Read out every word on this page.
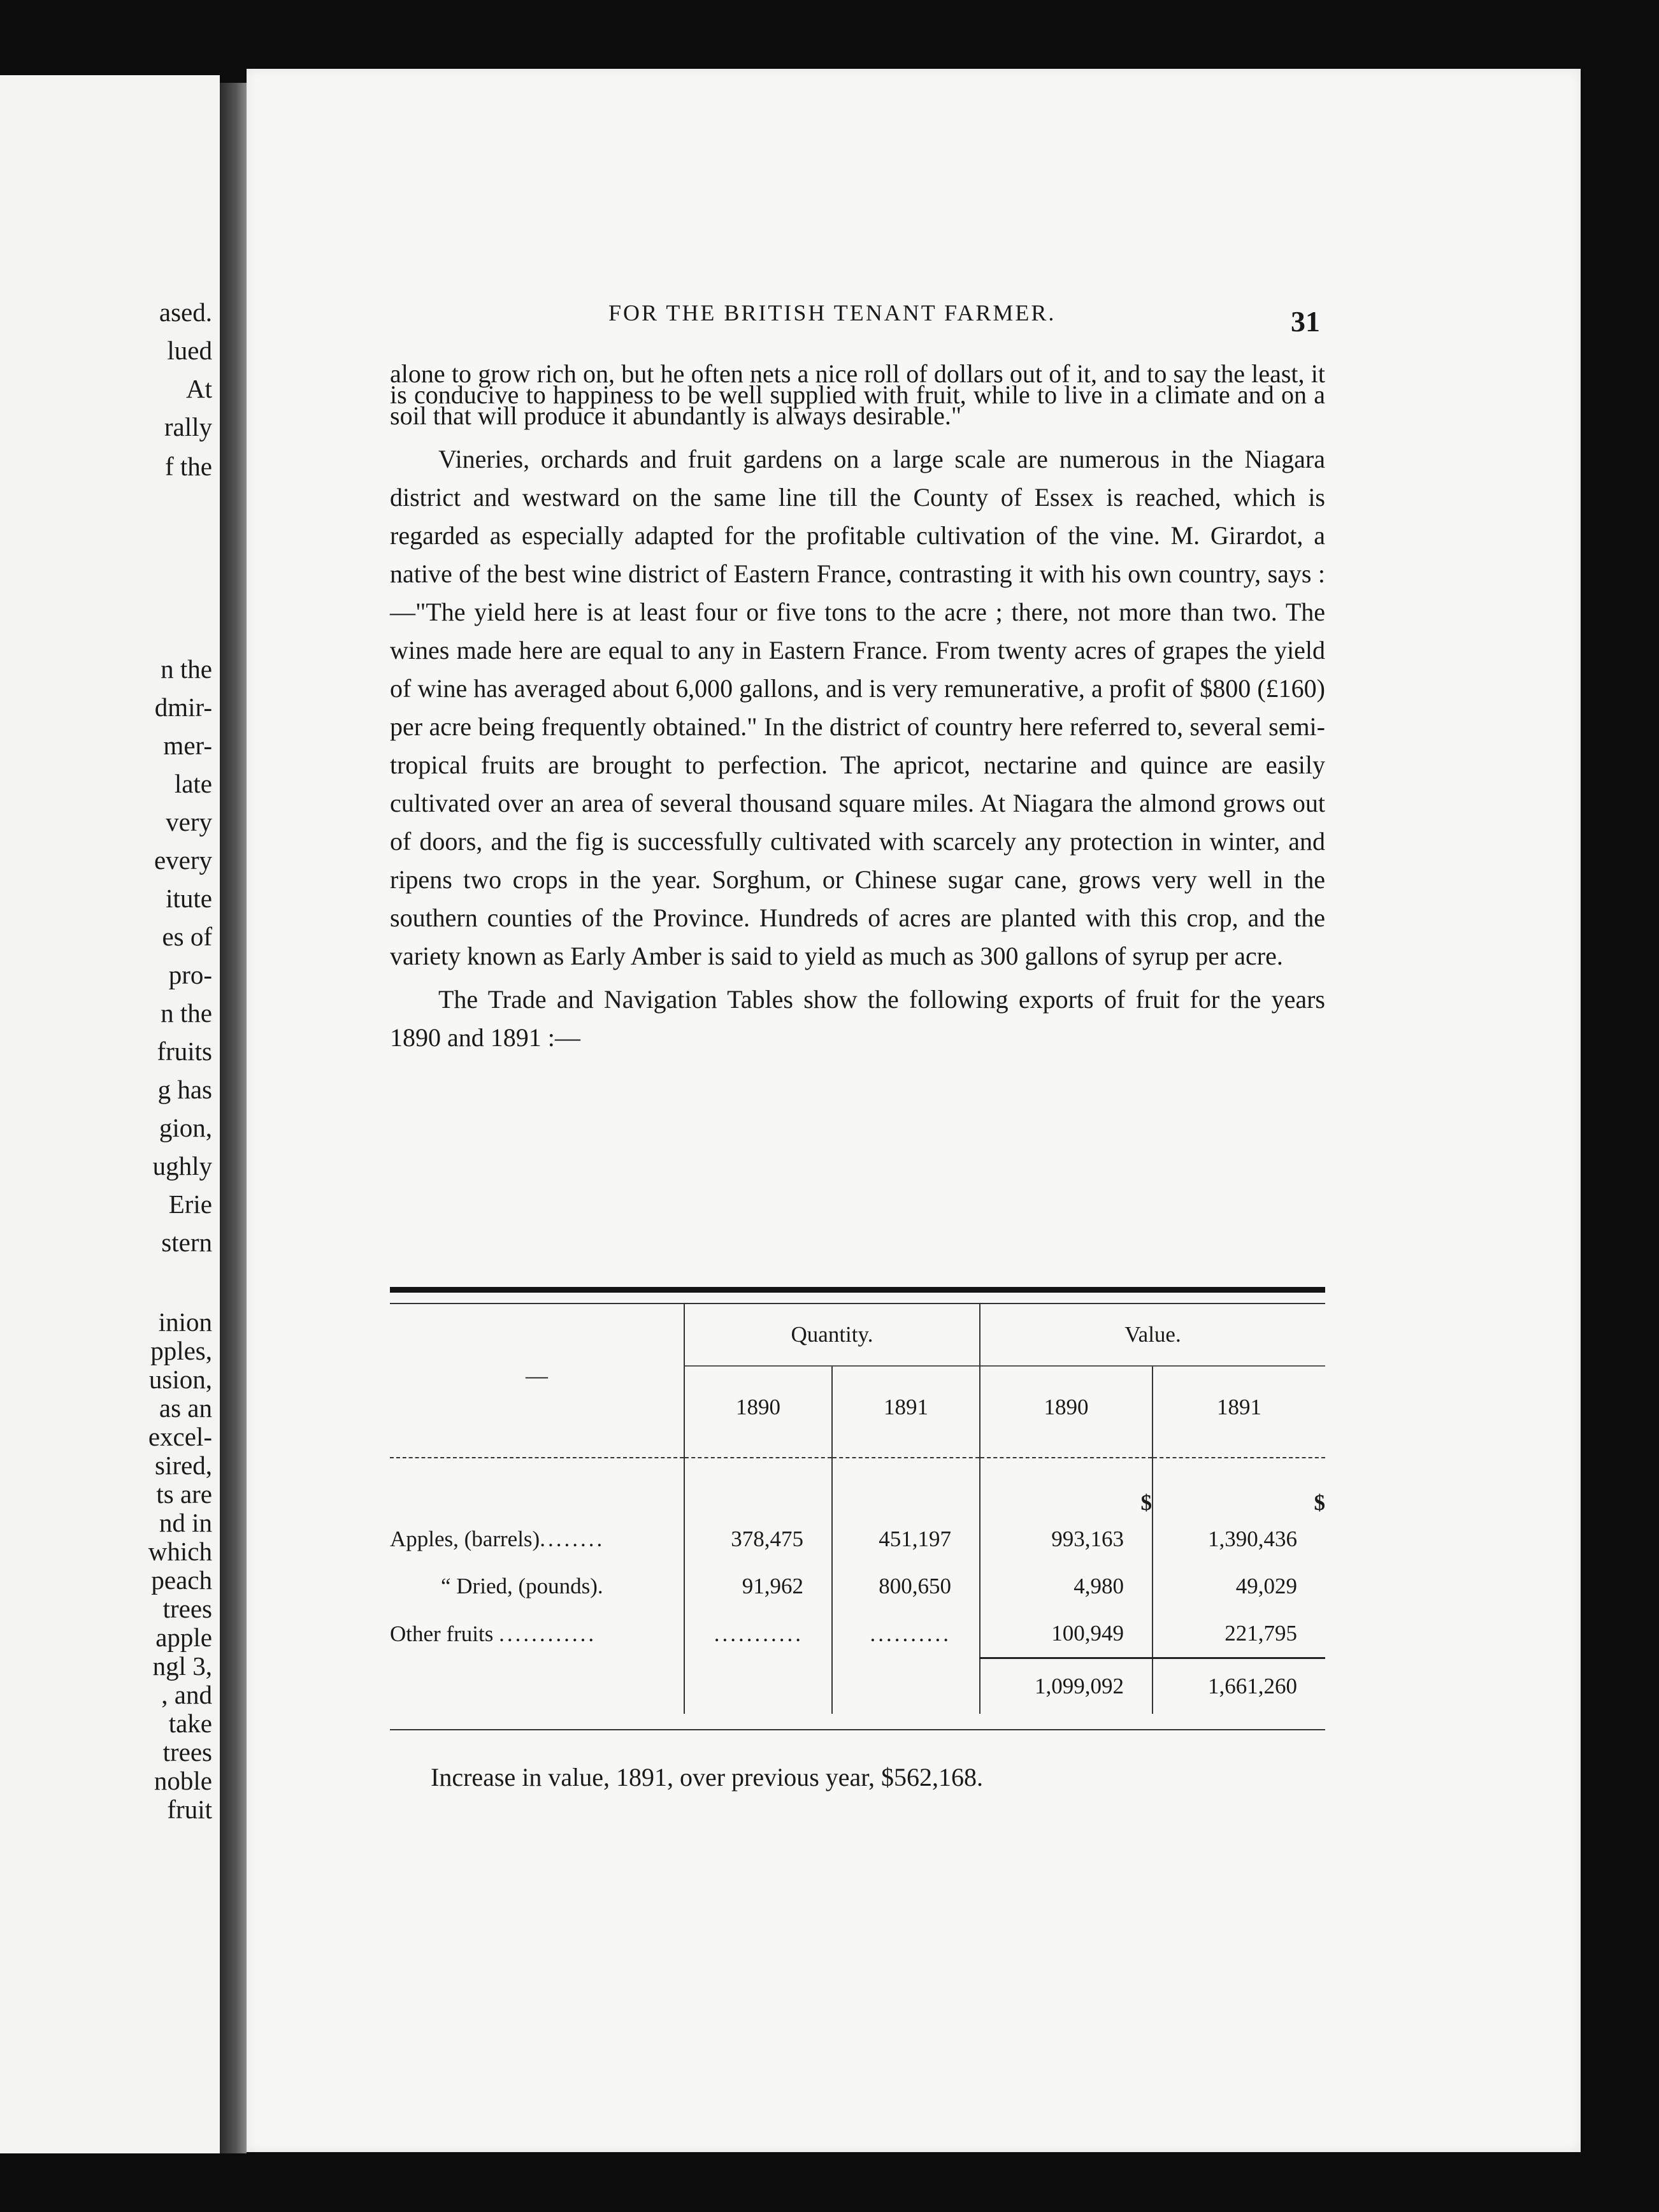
ased.
lued
At
rally
f the
n the
dmir-
mer-
late
very
every
itute
es of
pro-
n the
fruits
g has
gion,
ughly
Erie
stern
inion
pples,
usion,
as an
excel-
sired,
ts are
nd in
which
peach
trees
apple
ngl 3,
, and
take
trees
noble
fruit
FOR THE BRITISH TENANT FARMER.	31

alone to grow rich on, but he often nets a nice roll of dollars out of it, and to say the least, it is conducive to happiness to be well supplied with fruit, while to live in a climate and on a soil that will produce it abundantly is always desirable."

Vineries, orchards and fruit gardens on a large scale are numerous in the Niagara district and westward on the same line till the County of Essex is reached, which is regarded as especially adapted for the profitable cultivation of the vine. M. Girardot, a native of the best wine district of Eastern France, contrasting it with his own country, says :—"The yield here is at least four or five tons to the acre ; there, not more than two. The wines made here are equal to any in Eastern France. From twenty acres of grapes the yield of wine has averaged about 6,000 gallons, and is very remunerative, a profit of $800 (£160) per acre being frequently obtained." In the district of country here referred to, several semi-tropical fruits are brought to perfection. The apricot, nectarine and quince are easily cultivated over an area of several thousand square miles. At Niagara the almond grows out of doors, and the fig is successfully cultivated with scarcely any protection in winter, and ripens two crops in the year. Sorghum, or Chinese sugar cane, grows very well in the southern counties of the Province. Hundreds of acres are planted with this crop, and the variety known as Early Amber is said to yield as much as 300 gallons of syrup per acre.

The Trade and Navigation Tables show the following exports of fruit for the years 1890 and 1891 :—

—	Quantity.		Value.	
	1890	1891	1890	1891

			$	$
Apples, (barrels)........	378,475	451,197	993,163	1,390,436
“ Dried, (pounds).	91,962	800,650	4,980	49,029
Other fruits ............	...........	..........	100,949	221,795
			1,099,092	1,661,260
Increase in value, 1891, over previous year, $562,168.
